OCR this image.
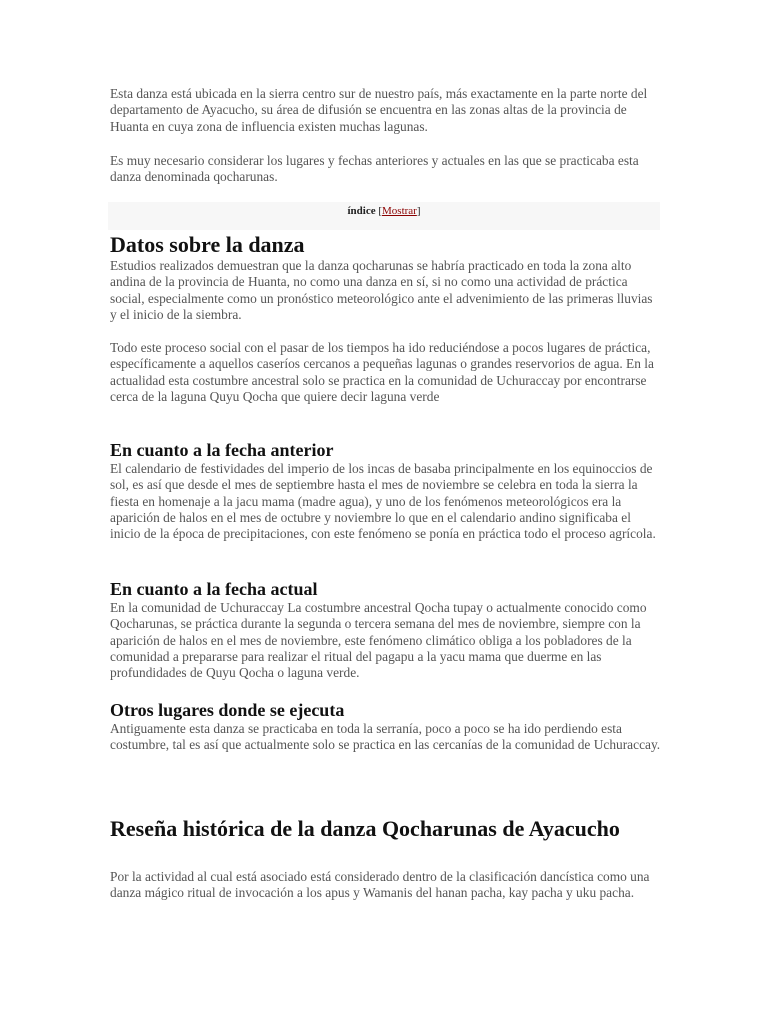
Esta danza está ubicada en la sierra centro sur de nuestro país, más exactamente en la parte norte del departamento de Ayacucho, su área de difusión se encuentra en las zonas altas de la provincia de Huanta en cuya zona de influencia existen muchas lagunas.

Es muy necesario considerar los lugares y fechas anteriores y actuales en las que se practicaba esta danza denominada qocharunas.

índice [Mostrar]
Datos sobre la danza

Estudios realizados demuestran que la danza qocharunas se habría practicado en toda la zona alto andina de la provincia de Huanta, no como una danza en sí, si no como una actividad de práctica social, especialmente como un pronóstico meteorológico ante el advenimiento de las primeras lluvias y el inicio de la siembra.

Todo este proceso social con el pasar de los tiempos ha ido reduciéndose a pocos lugares de práctica, específicamente a aquellos caseríos cercanos a pequeñas lagunas o grandes reservorios de agua. En la actualidad esta costumbre ancestral solo se practica en la comunidad de Uchuraccay por encontrarse cerca de la laguna Quyu Qocha que quiere decir laguna verde

En cuanto a la fecha anterior

El calendario de festividades del imperio de los incas de basaba principalmente en los equinoccios de sol, es así que desde el mes de septiembre hasta el mes de noviembre se celebra en toda la sierra la fiesta en homenaje a la jacu mama (madre agua), y uno de los fenómenos meteorológicos era la aparición de halos en el mes de octubre y noviembre lo que en el calendario andino significaba el inicio de la época de precipitaciones, con este fenómeno se ponía en práctica todo el proceso agrícola.

En cuanto a la fecha actual

En la comunidad de Uchuraccay La costumbre ancestral Qocha tupay o actualmente conocido como Qocharunas, se práctica durante la segunda o tercera semana del mes de noviembre, siempre con la aparición de halos en el mes de noviembre, este fenómeno climático obliga a los pobladores de la comunidad a prepararse para realizar el ritual del pagapu a la yacu mama que duerme en las profundidades de Quyu Qocha o laguna verde.

Otros lugares donde se ejecuta

Antiguamente esta danza se practicaba en toda la serranía, poco a poco se ha ido perdiendo esta costumbre, tal es así que actualmente solo se practica en las cercanías de la comunidad de Uchuraccay.

Reseña histórica de la danza Qocharunas de Ayacucho

Por la actividad al cual está asociado está considerado dentro de la clasificación dancística como una danza mágico ritual de invocación a los apus y Wamanis del hanan pacha, kay pacha y uku pacha.
